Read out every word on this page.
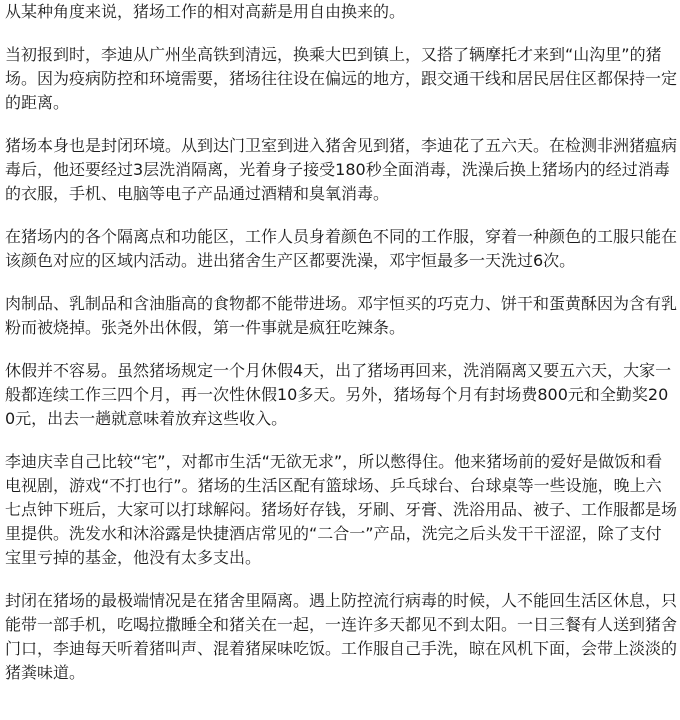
从某种角度来说，猪场工作的相对高薪是用自由换来的。

当初报到时，李迪从广州坐高铁到清远，换乘大巴到镇上，又搭了辆摩托才来到“山沟里”的猪场。因为疫病防控和环境需要，猪场往往设在偏远的地方，跟交通干线和居民居住区都保持一定的距离。

猪场本身也是封闭环境。从到达门卫室到进入猪舍见到猪，李迪花了五六天。在检测非洲猪瘟病毒后，他还要经过3层洗消隔离，光着身子接受180秒全面消毒，洗澡后换上猪场内的经过消毒的衣服，手机、电脑等电子产品通过酒精和臭氧消毒。

在猪场内的各个隔离点和功能区，工作人员身着颜色不同的工作服，穿着一种颜色的工服只能在该颜色对应的区域内活动。进出猪舍生产区都要洗澡，邓宇恒最多一天洗过6次。

肉制品、乳制品和含油脂高的食物都不能带进场。邓宇恒买的巧克力、饼干和蛋黄酥因为含有乳粉而被烧掉。张尧外出休假，第一件事就是疯狂吃辣条。

休假并不容易。虽然猪场规定一个月休假4天，出了猪场再回来，洗消隔离又要五六天，大家一般都连续工作三四个月，再一次性休假10多天。另外，猪场每个月有封场费800元和全勤奖200元，出去一趟就意味着放弃这些收入。

李迪庆幸自己比较“宅”，对都市生活“无欲无求”，所以憋得住。他来猪场前的爱好是做饭和看电视剧，游戏“不打也行”。猪场的生活区配有篮球场、乒乓球台、台球桌等一些设施，晚上六七点钟下班后，大家可以打球解闷。猪场好存钱，牙刷、牙膏、洗浴用品、被子、工作服都是场里提供。洗发水和沐浴露是快捷酒店常见的“二合一”产品，洗完之后头发干干涩涩，除了支付宝里亏掉的基金，他没有太多支出。

封闭在猪场的最极端情况是在猪舍里隔离。遇上防控流行病毒的时候，人不能回生活区休息，只能带一部手机，吃喝拉撒睡全和猪关在一起，一连许多天都见不到太阳。一日三餐有人送到猪舍门口，李迪每天听着猪叫声、混着猪屎味吃饭。工作服自己手洗，晾在风机下面，会带上淡淡的猪粪味道。
